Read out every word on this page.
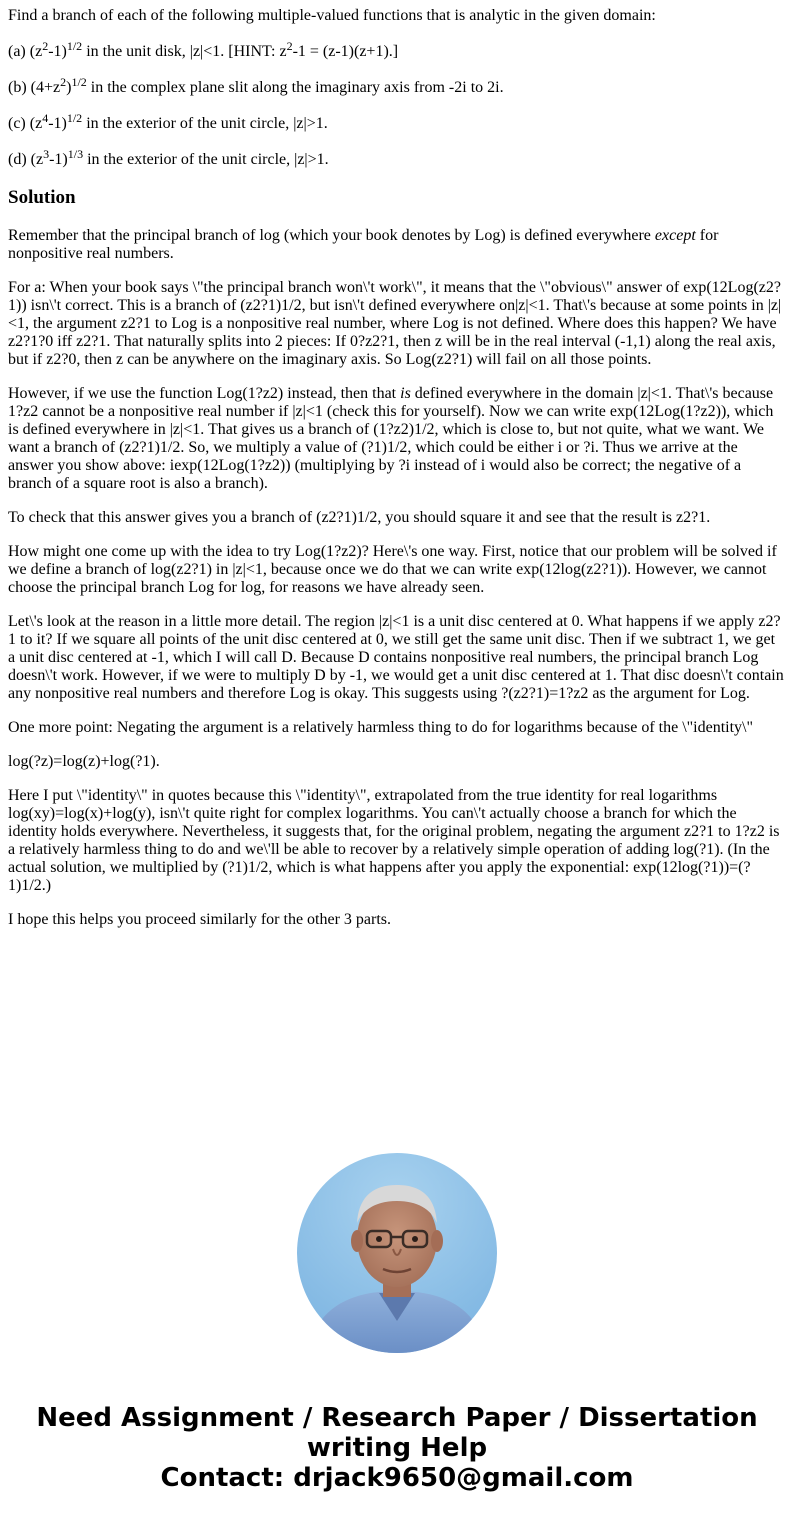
Find a branch of each of the following multiple-valued functions that is analytic in the given domain:

(a) $(z^2-1)^{1/2}$ in the unit disk, |z|<1. [HINT: $z^2-1 = (z-1)(z+1)$.]

(b) $(4+z^2)^{1/2}$ in the complex plane slit along the imaginary axis from -2i to 2i.

(c) $(z^4-1)^{1/2}$ in the exterior of the unit circle, |z|>1.

(d) $(z^3-1)^{1/3}$ in the exterior of the unit circle, |z|>1.

Solution

Remember that the principal branch of log (which your book denotes by Log) is defined everywhere except for nonpositive real numbers.

For a: When your book says \"the principal branch won\'t work\", it means that the \"obvious\" answer of exp(12Log(z2?1)) isn\'t correct. This is a branch of (z2?1)1/2, but isn\'t defined everywhere on|z|<1. That\'s because at some points in |z|<1, the argument z2?1 to Log is a nonpositive real number, where Log is not defined. Where does this happen? We have z2?1?0 iff z2?1. That naturally splits into 2 pieces: If 0?z2?1, then z will be in the real interval (-1,1) along the real axis, but if z2?0, then z can be anywhere on the imaginary axis. So Log(z2?1) will fail on all those points.

However, if we use the function Log(1?z2) instead, then that is defined everywhere in the domain |z|<1. That\'s because 1?z2 cannot be a nonpositive real number if |z|<1 (check this for yourself). Now we can write exp(12Log(1?z2)), which is defined everywhere in |z|<1. That gives us a branch of (1?z2)1/2, which is close to, but not quite, what we want. We want a branch of (z2?1)1/2. So, we multiply a value of (?1)1/2, which could be either i or ?i. Thus we arrive at the answer you show above: iexp(12Log(1?z2)) (multiplying by ?i instead of i would also be correct; the negative of a branch of a square root is also a branch).

To check that this answer gives you a branch of (z2?1)1/2, you should square it and see that the result is z2?1.

How might one come up with the idea to try Log(1?z2)? Here\'s one way. First, notice that our problem will be solved if we define a branch of log(z2?1) in |z|<1, because once we do that we can write exp(12log(z2?1)). However, we cannot choose the principal branch Log for log, for reasons we have already seen.

Let\'s look at the reason in a little more detail. The region |z|<1 is a unit disc centered at 0. What happens if we apply z2?1 to it? If we square all points of the unit disc centered at 0, we still get the same unit disc. Then if we subtract 1, we get a unit disc centered at -1, which I will call D. Because D contains nonpositive real numbers, the principal branch Log doesn\'t work. However, if we were to multiply D by -1, we would get a unit disc centered at 1. That disc doesn\'t contain any nonpositive real numbers and therefore Log is okay. This suggests using ?(z2?1)=1?z2 as the argument for Log.

One more point: Negating the argument is a relatively harmless thing to do for logarithms because of the \"identity\"

log(?z)=log(z)+log(?1).

Here I put \"identity\" in quotes because this \"identity\", extrapolated from the true identity for real logarithms log(xy)=log(x)+log(y), isn\'t quite right for complex logarithms. You can\'t actually choose a branch for which the identity holds everywhere. Nevertheless, it suggests that, for the original problem, negating the argument z2?1 to 1?z2 is a relatively harmless thing to do and we\'ll be able to recover by a relatively simple operation of adding log(?1). (In the actual solution, we multiplied by (?1)1/2, which is what happens after you apply the exponential: exp(12log(?1))=(?1)1/2.)

I hope this helps you proceed similarly for the other 3 parts.

Need Assignment / Research Paper / Dissertation
writing Help
Contact: drjack9650@gmail.com
